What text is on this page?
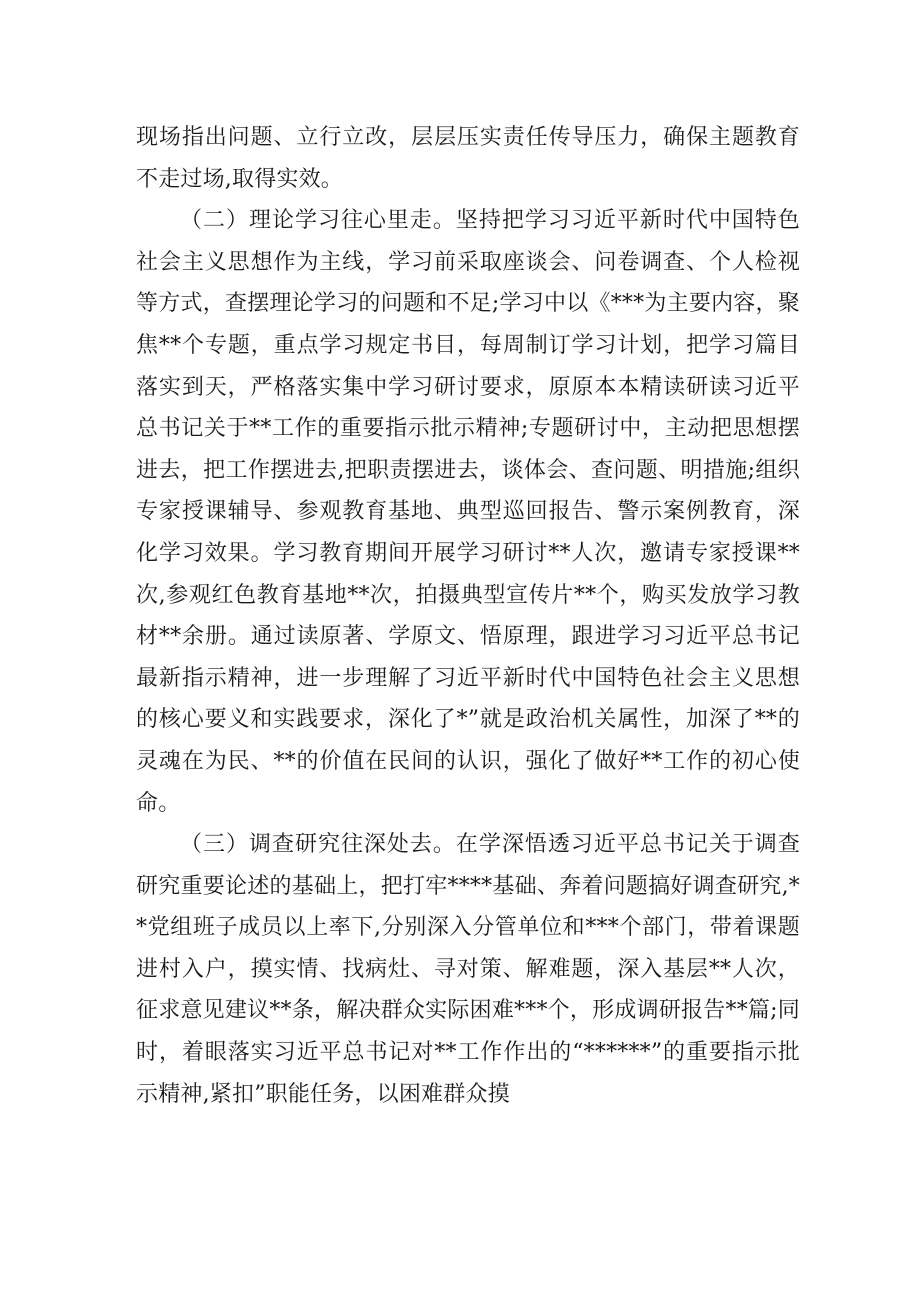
现场指出问题、立行立改，层层压实责任传导压力，确保主题教育不走过场,取得实效。

（二）理论学习往心里走。坚持把学习习近平新时代中国特色社会主义思想作为主线，学习前采取座谈会、问卷调查、个人检视等方式，查摆理论学习的问题和不足;学习中以《***为主要内容，聚焦**个专题，重点学习规定书目，每周制订学习计划，把学习篇目落实到天，严格落实集中学习研讨要求，原原本本精读研读习近平总书记关于**工作的重要指示批示精神;专题研讨中，主动把思想摆进去，把工作摆进去,把职责摆进去，谈体会、查问题、明措施;组织专家授课辅导、参观教育基地、典型巡回报告、警示案例教育，深化学习效果。学习教育期间开展学习研讨**人次，邀请专家授课**次,参观红色教育基地**次，拍摄典型宣传片**个，购买发放学习教材**余册。通过读原著、学原文、悟原理，跟进学习习近平总书记最新指示精神，进一步理解了习近平新时代中国特色社会主义思想的核心要义和实践要求，深化了*”就是政治机关属性，加深了**的灵魂在为民、**的价值在民间的认识，强化了做好**工作的初心使命。

（三）调查研究往深处去。在学深悟透习近平总书记关于调查研究重要论述的基础上，把打牢****基础、奔着问题搞好调查研究,**党组班子成员以上率下,分别深入分管单位和***个部门，带着课题进村入户，摸实情、找病灶、寻对策、解难题，深入基层**人次，征求意见建议**条，解决群众实际困难***个，形成调研报告**篇;同时，着眼落实习近平总书记对**工作作出的“******”的重要指示批示精神,紧扣”职能任务，以困难群众摸
